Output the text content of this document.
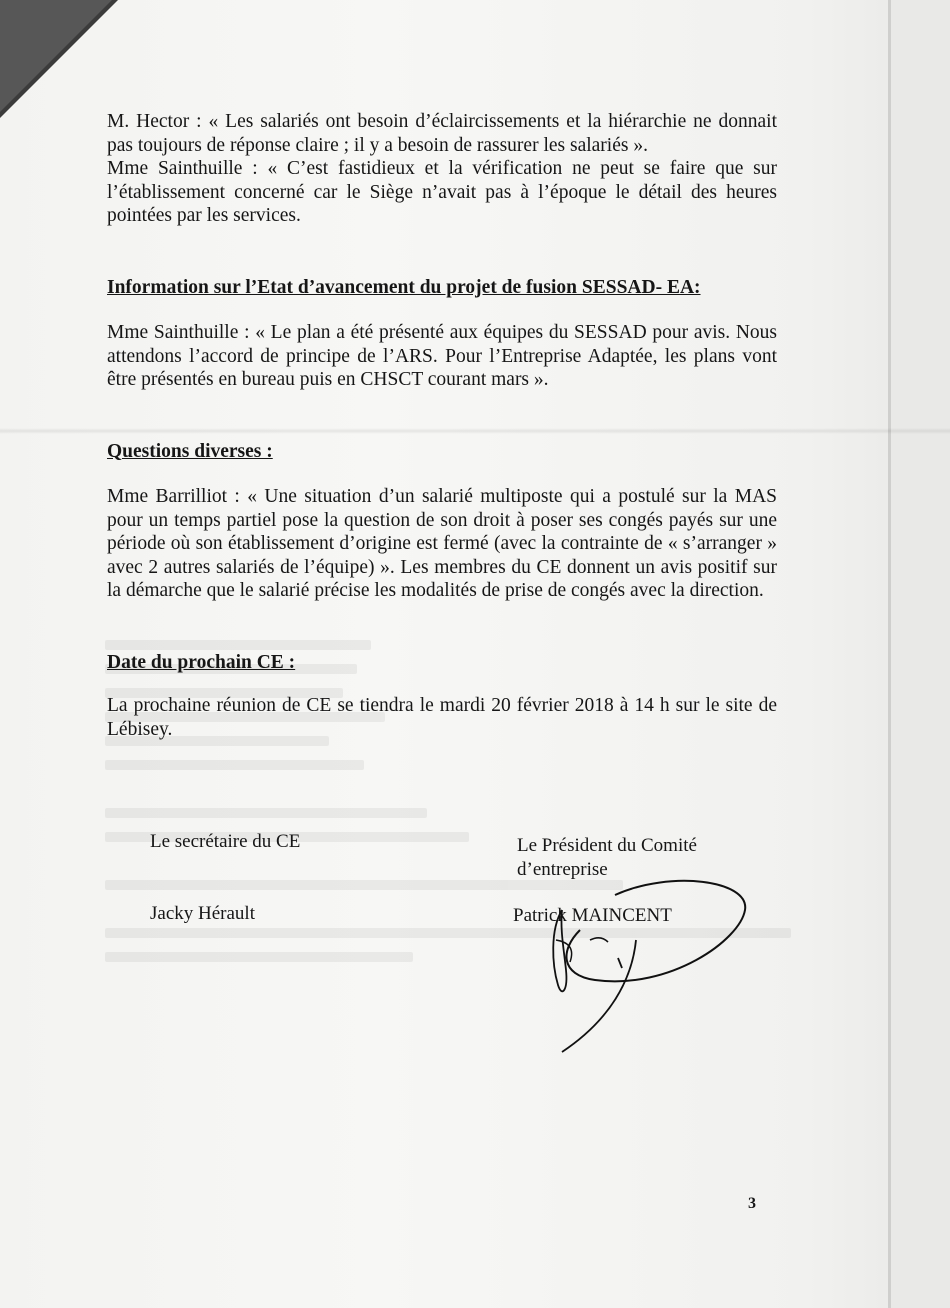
M. Hector : « Les salariés ont besoin d’éclaircissements et la hiérarchie ne donnait pas toujours de réponse claire ; il y a besoin de rassurer les salariés ».

Mme Sainthuille : « C’est fastidieux et la vérification ne peut se faire que sur l’établissement concerné car le Siège n’avait pas à l’époque le détail des heures pointées par les services.

Information sur l’Etat d’avancement du projet de fusion SESSAD- EA:

Mme Sainthuille : « Le plan a été présenté aux équipes du SESSAD pour avis. Nous attendons l’accord de principe de l’ARS. Pour l’Entreprise Adaptée, les plans vont être présentés en bureau puis en CHSCT courant mars ».

Questions diverses :

Mme Barrilliot : « Une situation d’un salarié multiposte qui a postulé sur la MAS pour un temps partiel pose la question de son droit à poser ses congés payés sur une période où son établissement d’origine est fermé (avec la contrainte de « s’arranger » avec 2 autres salariés de l’équipe) ». Les membres du CE donnent un avis positif sur la démarche que le salarié précise les modalités de prise de congés avec la direction.

Date du prochain CE :

La prochaine réunion de CE se tiendra le mardi 20 février 2018 à 14 h sur le site de Lébisey.

Le secrétaire du CE
Jacky Hérault
Le Président du Comité
d’entreprise
Patrick MAINCENT
3
